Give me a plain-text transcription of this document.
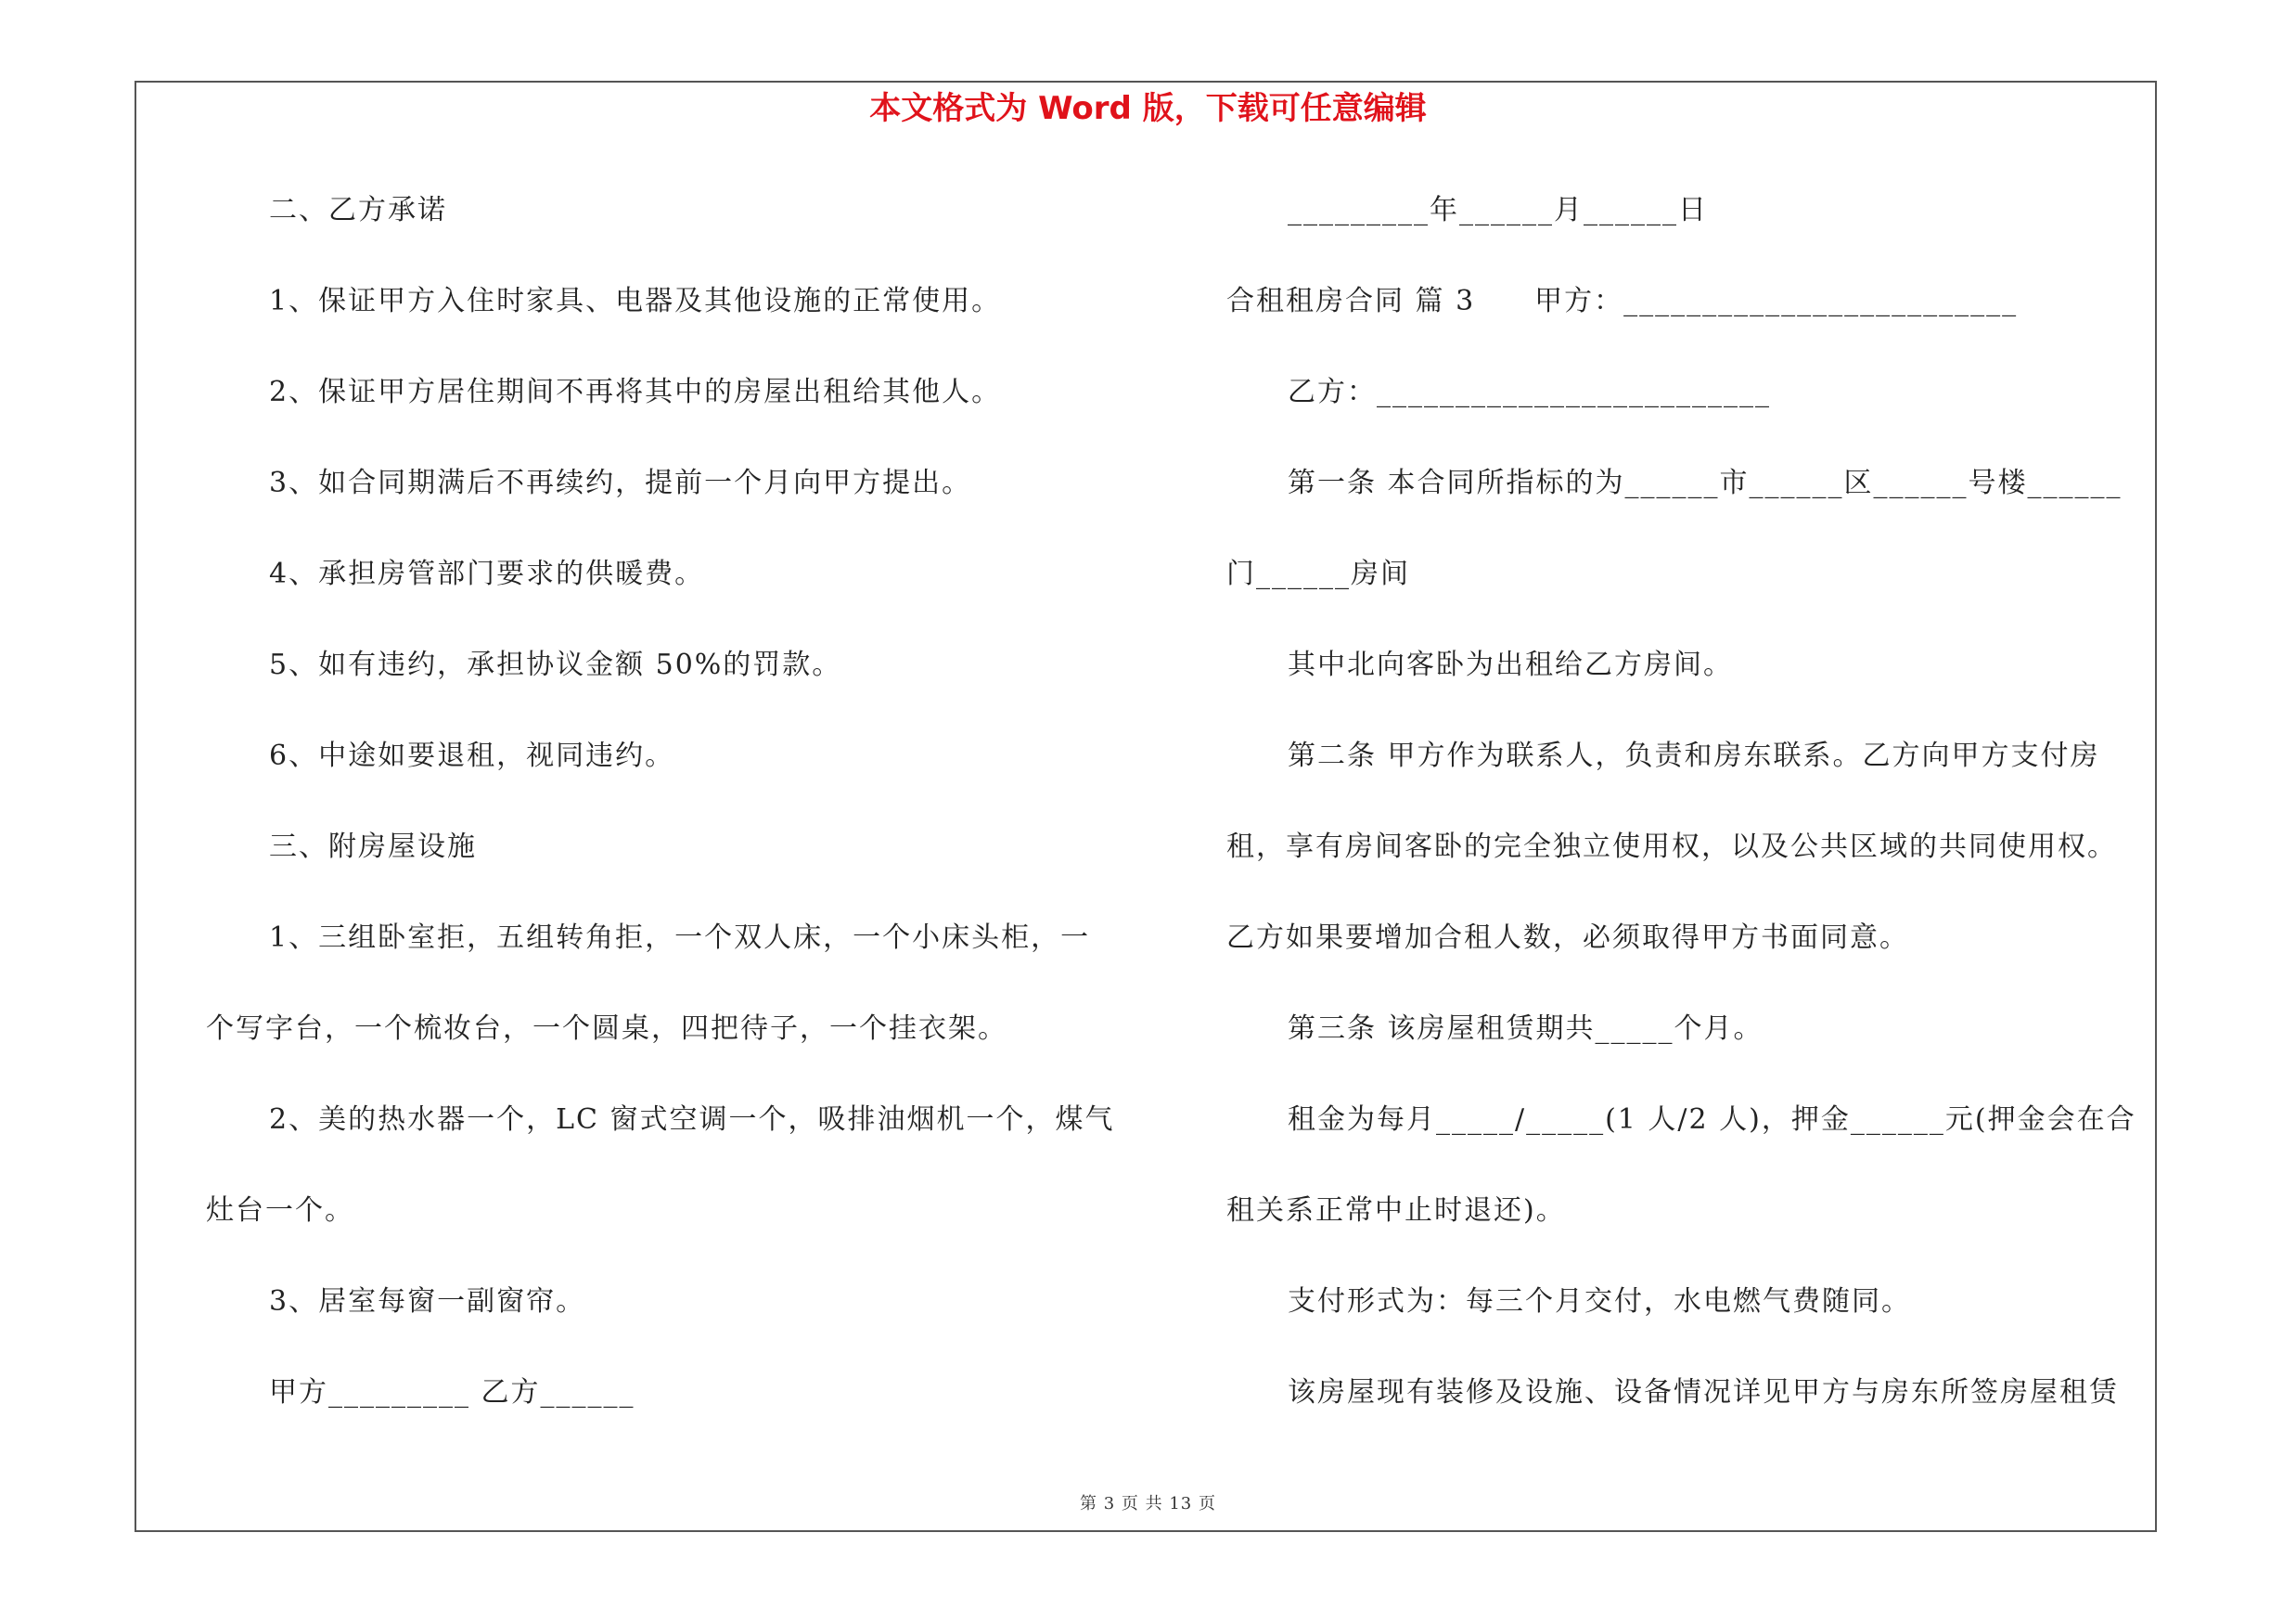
本文格式为 Word 版，下载可任意编辑
二、乙方承诺
1、保证甲方入住时家具、电器及其他设施的正常使用。
2、保证甲方居住期间不再将其中的房屋出租给其他人。
3、如合同期满后不再续约，提前一个月向甲方提出。
4、承担房管部门要求的供暖费。
5、如有违约，承担协议金额 50%的罚款。
6、中途如要退租，视同违约。
三、附房屋设施
1、三组卧室拒，五组转角拒，一个双人床，一个小床头柜，一
个写字台，一个梳妆台，一个圆桌，四把待子，一个挂衣架。
2、美的热水器一个，LC 窗式空调一个，吸排油烟机一个，煤气
灶台一个。
3、居室每窗一副窗帘。
甲方_________ 乙方______
_________年______月______日
合租租房合同 篇 3　　甲方：_________________________
乙方：_________________________
第一条 本合同所指标的为______市______区______号楼______
门______房间
其中北向客卧为出租给乙方房间。
第二条 甲方作为联系人，负责和房东联系。乙方向甲方支付房
租，享有房间客卧的完全独立使用权，以及公共区域的共同使用权。
乙方如果要增加合租人数，必须取得甲方书面同意。
第三条 该房屋租赁期共_____个月。
租金为每月_____/_____(1 人/2 人)，押金______元(押金会在合
租关系正常中止时退还)。
支付形式为：每三个月交付，水电燃气费随同。
该房屋现有装修及设施、设备情况详见甲方与房东所签房屋租赁
第 3 页 共 13 页
